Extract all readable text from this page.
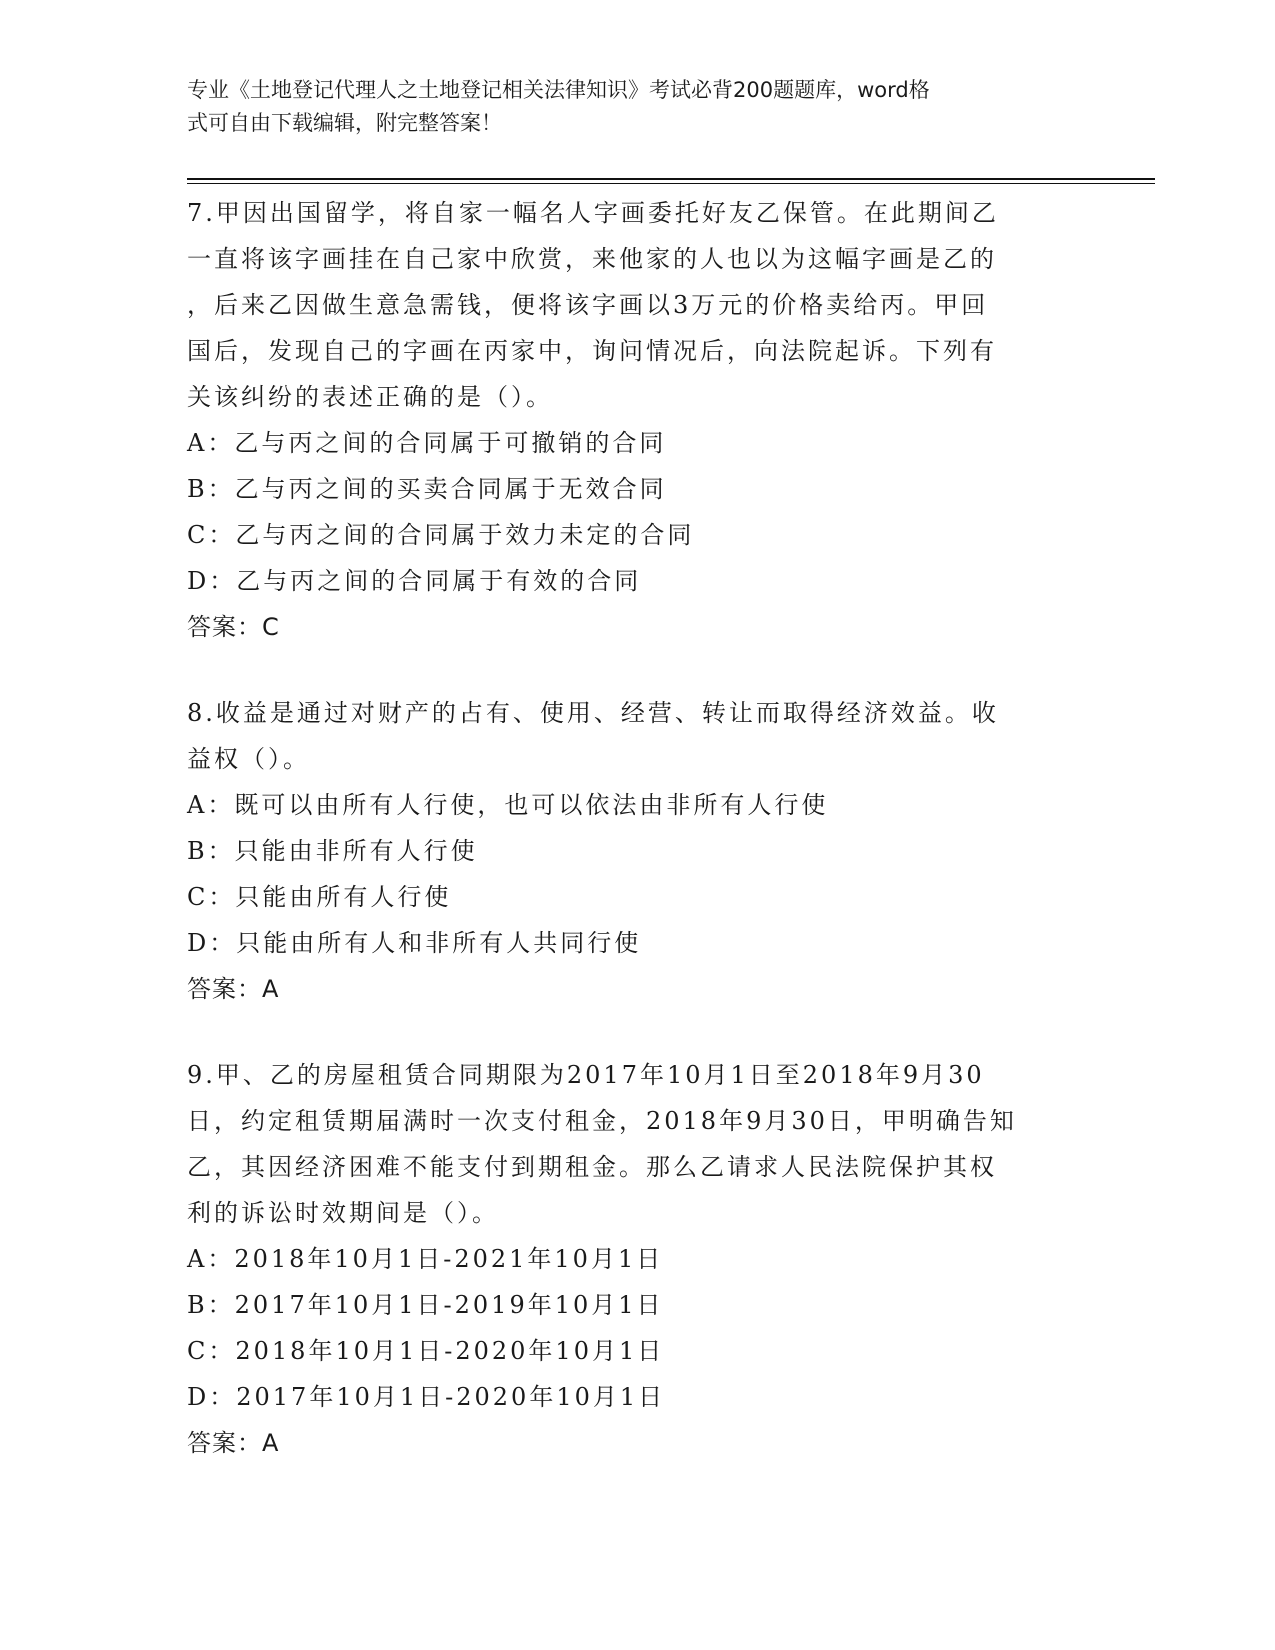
专业《土地登记代理人之土地登记相关法律知识》考试必背200题题库，word格

式可自由下载编辑，附完整答案！

7.甲因出国留学，将自家一幅名人字画委托好友乙保管。在此期间乙
一直将该字画挂在自己家中欣赏，来他家的人也以为这幅字画是乙的
，后来乙因做生意急需钱，便将该字画以3万元的价格卖给丙。甲回
国后，发现自己的字画在丙家中，询问情况后，向法院起诉。下列有
关该纠纷的表述正确的是（）。
A：乙与丙之间的合同属于可撤销的合同
B：乙与丙之间的买卖合同属于无效合同
C：乙与丙之间的合同属于效力未定的合同
D：乙与丙之间的合同属于有效的合同
答案：C
8.收益是通过对财产的占有、使用、经营、转让而取得经济效益。收
益权（）。
A：既可以由所有人行使，也可以依法由非所有人行使
B：只能由非所有人行使
C：只能由所有人行使
D：只能由所有人和非所有人共同行使
答案：A
9.甲、乙的房屋租赁合同期限为2017年10月1日至2018年9月30
日，约定租赁期届满时一次支付租金，2018年9月30日，甲明确告知
乙，其因经济困难不能支付到期租金。那么乙请求人民法院保护其权
利的诉讼时效期间是（）。
A：2018年10月1日-2021年10月1日
B：2017年10月1日-2019年10月1日
C：2018年10月1日-2020年10月1日
D：2017年10月1日-2020年10月1日
答案：A
